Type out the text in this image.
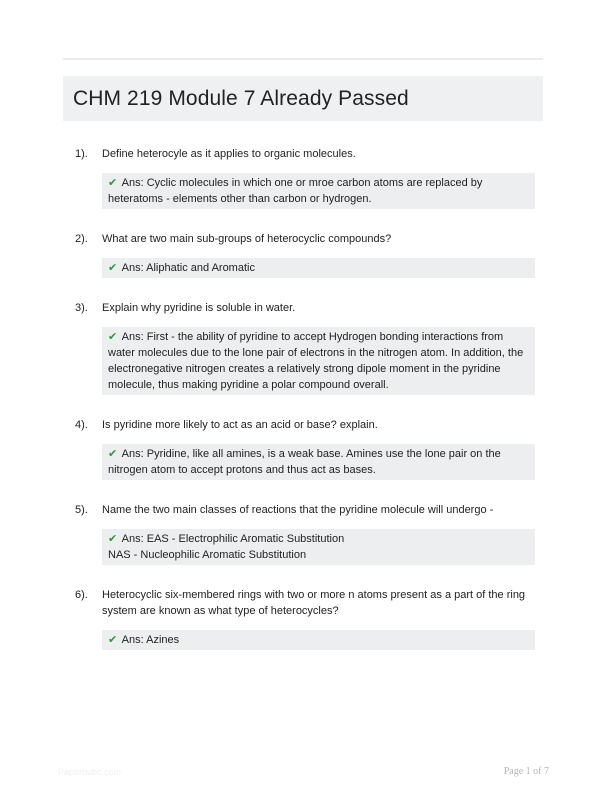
CHM 219 Module 7 Already Passed
1).	Define heterocyle as it applies to organic molecules.

✔ Ans: Cyclic molecules in which one or mroe carbon atoms are replaced by heteratoms - elements other than carbon or hydrogen.
2).	What are two main sub-groups of heterocyclic compounds?

✔ Ans: Aliphatic and Aromatic
3).	Explain why pyridine is soluble in water.

✔ Ans: First - the ability of pyridine to accept Hydrogen bonding interactions from water molecules due to the lone pair of electrons in the nitrogen atom. In addition, the electronegative nitrogen creates a relatively strong dipole moment in the pyridine molecule, thus making pyridine a polar compound overall.
4).	Is pyridine more likely to act as an acid or base? explain.

✔ Ans: Pyridine, like all amines, is a weak base. Amines use the lone pair on the nitrogen atom to accept protons and thus act as bases.
5).	Name the two main classes of reactions that the pyridine molecule will undergo -

✔ Ans: EAS - Electrophilic Aromatic Substitution
NAS - Nucleophilic Aromatic Substitution
6).	Heterocyclic six-membered rings with two or more n atoms present as a part of the ring system are known as what type of heterocycles?

✔ Ans: Azines
Paperbubc.com	Page 1 of 7
